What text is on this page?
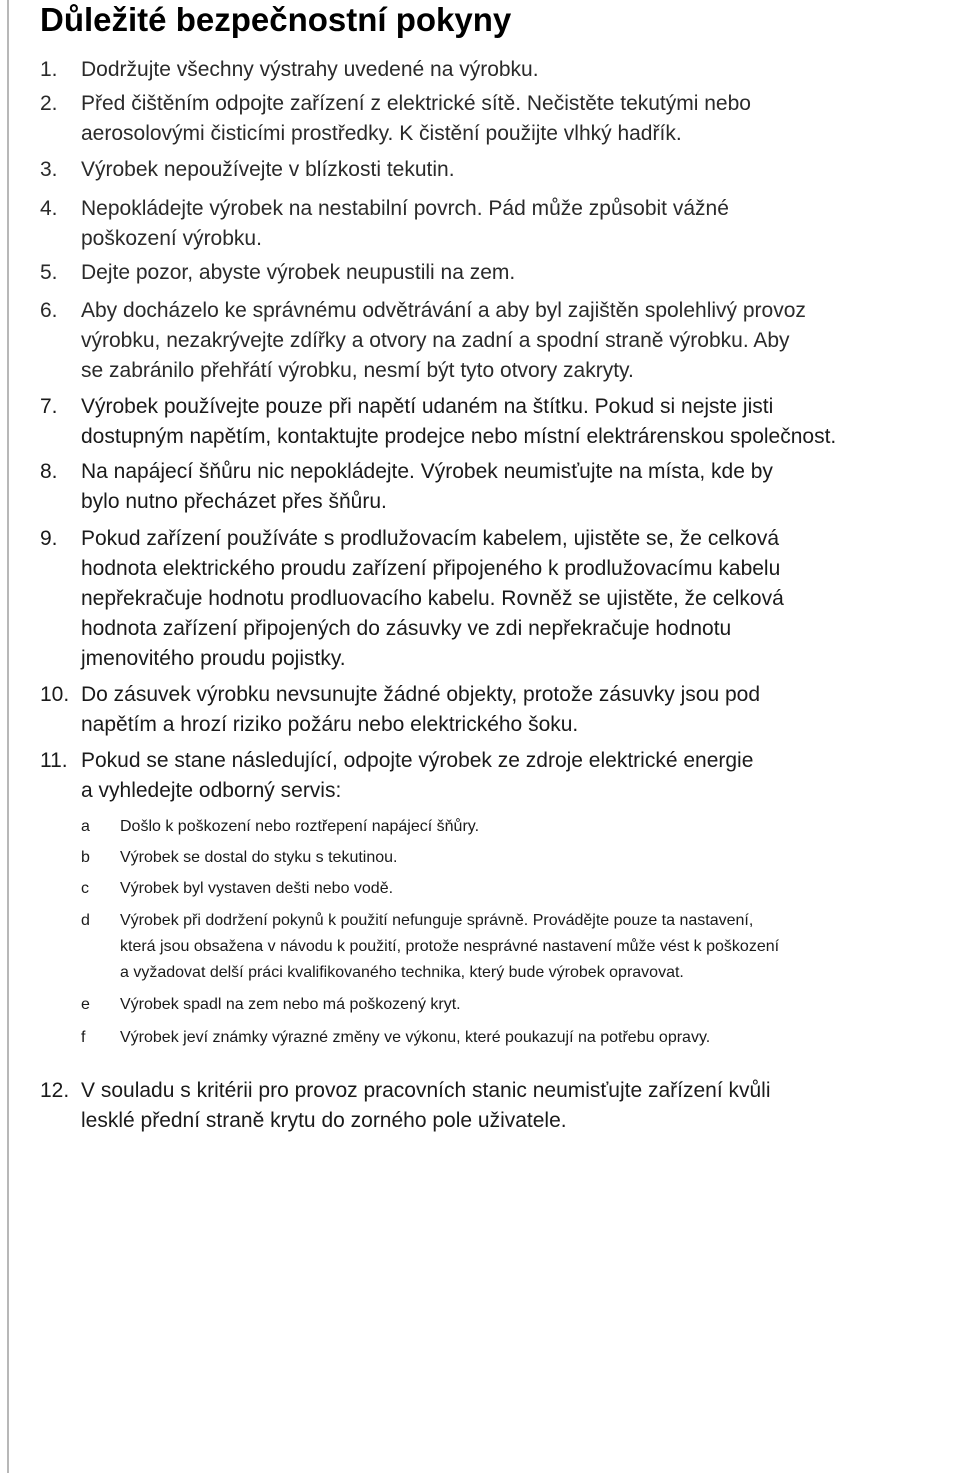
Důležité bezpečnostní pokyny
1. Dodržujte všechny výstrahy uvedené na výrobku.
2. Před čištěním odpojte zařízení z elektrické sítě. Nečistěte tekutými nebo
aerosolovými čisticími prostředky. K čistění použijte vlhký hadřík.
3. Výrobek nepoužívejte v blízkosti tekutin.
4. Nepokládejte výrobek na nestabilní povrch. Pád může způsobit vážné
poškození výrobku.
5. Dejte pozor, abyste výrobek neupustili na zem.
6. Aby docházelo ke správnému odvětrávání a aby byl zajištěn spolehlivý provoz
výrobku, nezakrývejte zdířky a otvory na zadní a spodní straně výrobku. Aby
se zabránilo přehřátí výrobku, nesmí být tyto otvory zakryty.
7. Výrobek používejte pouze při napětí udaném na štítku. Pokud si nejste jisti
dostupným napětím, kontaktujte prodejce nebo místní elektrárenskou společnost.
8. Na napájecí šňůru nic nepokládejte. Výrobek neumisťujte na místa, kde by
bylo nutno přecházet přes šňůru.
9. Pokud zařízení používáte s prodlužovacím kabelem, ujistěte se, že celková
hodnota elektrického proudu zařízení připojeného k prodlužovacímu kabelu
nepřekračuje hodnotu prodluovacího kabelu. Rovněž se ujistěte, že celková
hodnota zařízení připojených do zásuvky ve zdi nepřekračuje hodnotu
jmenovitého proudu pojistky.
10. Do zásuvek výrobku nevsunujte žádné objekty, protože zásuvky jsou pod
napětím a hrozí riziko požáru nebo elektrického šoku.
11. Pokud se stane následující, odpojte výrobek ze zdroje elektrické energie
a vyhledejte odborný servis:
a Došlo k poškození nebo roztřepení napájecí šňůry.
b Výrobek se dostal do styku s tekutinou.
c Výrobek byl vystaven dešti nebo vodě.
d Výrobek při dodržení pokynů k použití nefunguje správně. Provádějte pouze ta nastavení,
která jsou obsažena v návodu k použití, protože nesprávné nastavení může vést k poškození
a vyžadovat delší práci kvalifikovaného technika, který bude výrobek opravovat.
e Výrobek spadl na zem nebo má poškozený kryt.
f Výrobek jeví známky výrazné změny ve výkonu, které poukazují na potřebu opravy.
12. V souladu s kritérii pro provoz pracovních stanic neumisťujte zařízení kvůli
lesklé přední straně krytu do zorného pole uživatele.
